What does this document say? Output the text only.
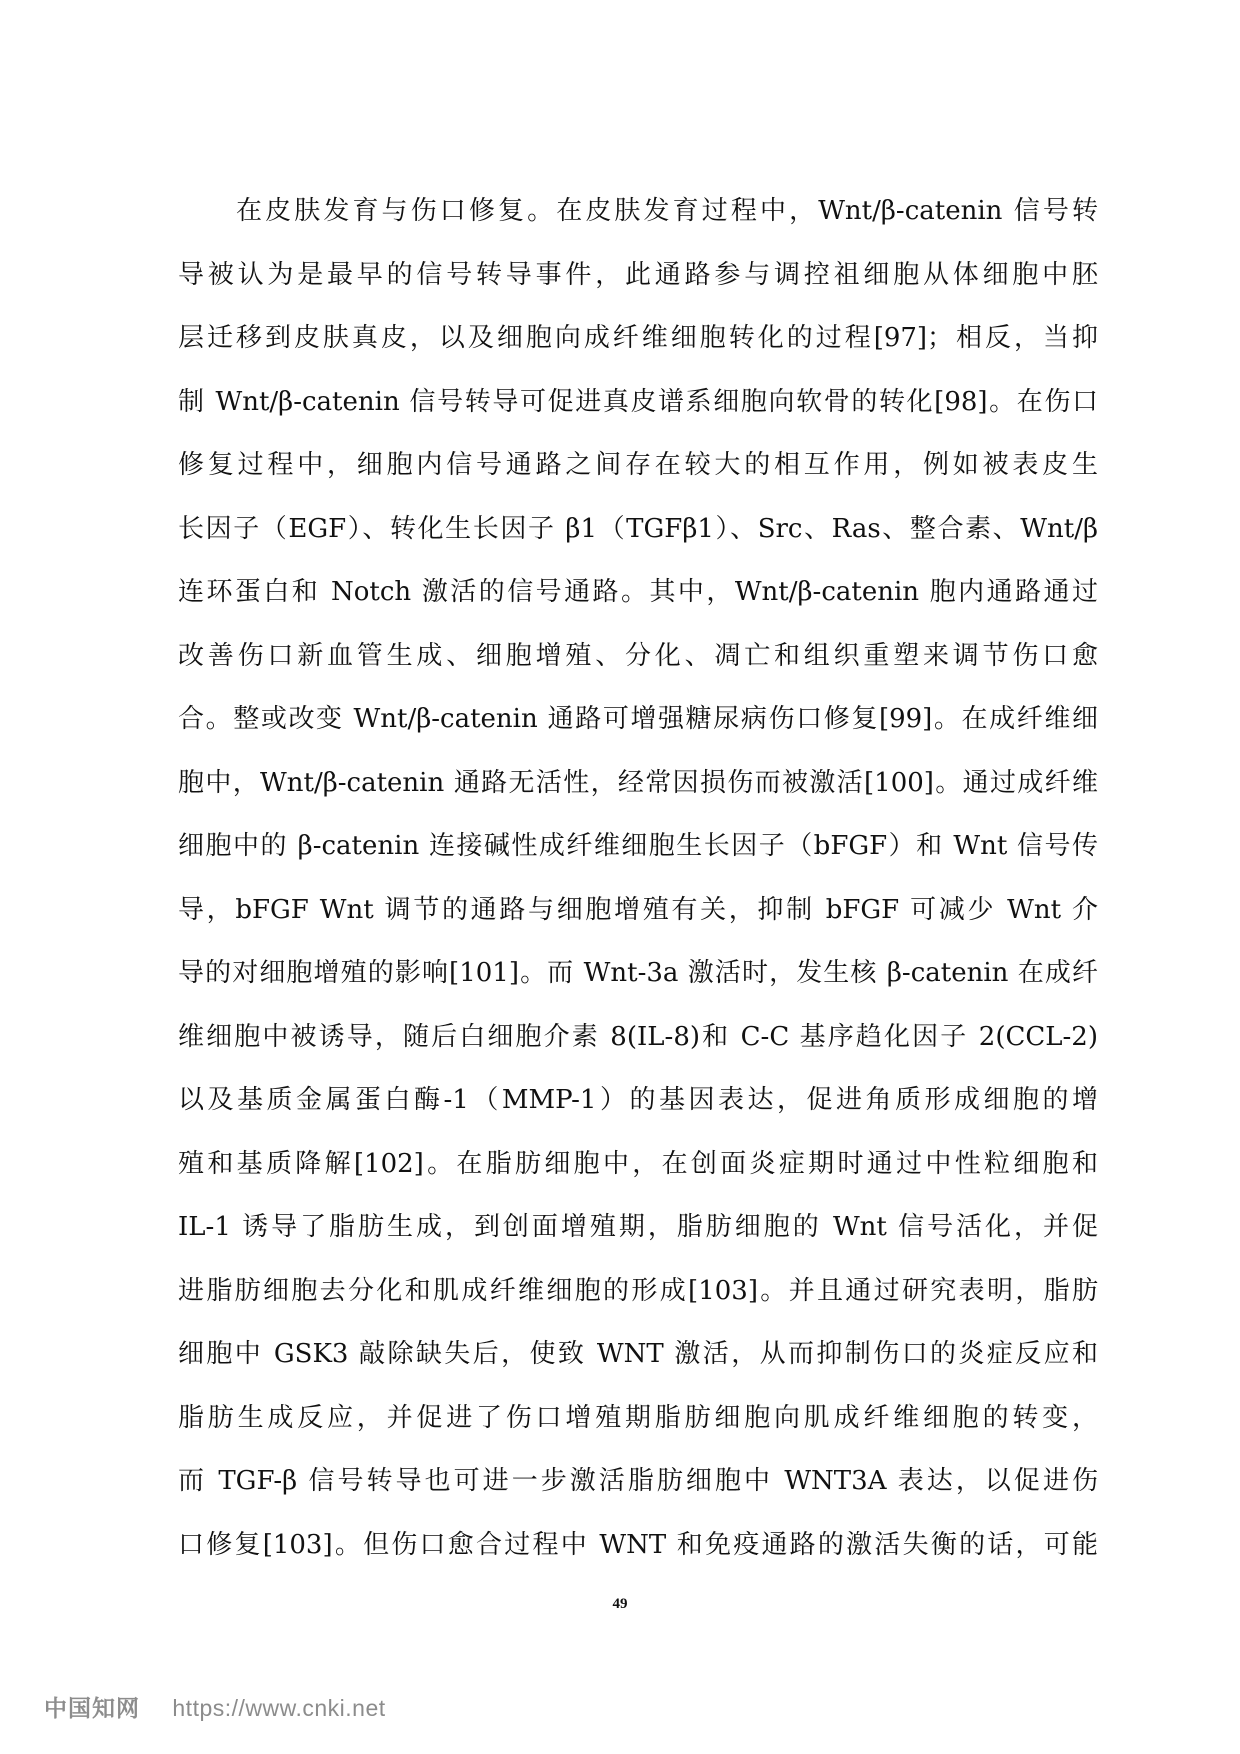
在皮肤发育与伤口修复。在皮肤发育过程中，Wnt/β-catenin 信号转
导被认为是最早的信号转导事件，此通路参与调控祖细胞从体细胞中胚
层迁移到皮肤真皮，以及细胞向成纤维细胞转化的过程[97]；相反，当抑
制 Wnt/β-catenin 信号转导可促进真皮谱系细胞向软骨的转化[98]。在伤口
修复过程中，细胞内信号通路之间存在较大的相互作用，例如被表皮生
长因子（EGF）、转化生长因子 β1（TGFβ1）、Src、Ras、整合素、Wnt/β
连环蛋白和 Notch 激活的信号通路。其中，Wnt/β-catenin 胞内通路通过
改善伤口新血管生成、细胞增殖、分化、凋亡和组织重塑来调节伤口愈
合。整或改变 Wnt/β-catenin 通路可增强糖尿病伤口修复[99]。在成纤维细
胞中，Wnt/β-catenin 通路无活性，经常因损伤而被激活[100]。通过成纤维
细胞中的 β-catenin 连接碱性成纤维细胞生长因子（bFGF）和 Wnt 信号传
导，bFGF Wnt 调节的通路与细胞增殖有关，抑制 bFGF 可减少 Wnt 介
导的对细胞增殖的影响[101]。而 Wnt-3a 激活时，发生核 β-catenin 在成纤
维细胞中被诱导，随后白细胞介素 8(IL-8)和 C-C 基序趋化因子 2(CCL-2)
以及基质金属蛋白酶-1（MMP-1）的基因表达，促进角质形成细胞的增
殖和基质降解[102]。在脂肪细胞中，在创面炎症期时通过中性粒细胞和
IL-1 诱导了脂肪生成，到创面增殖期，脂肪细胞的 Wnt 信号活化，并促
进脂肪细胞去分化和肌成纤维细胞的形成[103]。并且通过研究表明，脂肪
细胞中 GSK3 敲除缺失后，使致 WNT 激活，从而抑制伤口的炎症反应和
脂肪生成反应，并促进了伤口增殖期脂肪细胞向肌成纤维细胞的转变，
而 TGF-β 信号转导也可进一步激活脂肪细胞中 WNT3A 表达，以促进伤
口修复[103]。但伤口愈合过程中 WNT 和免疫通路的激活失衡的话，可能
49
中国知网 https://www.cnki.net
